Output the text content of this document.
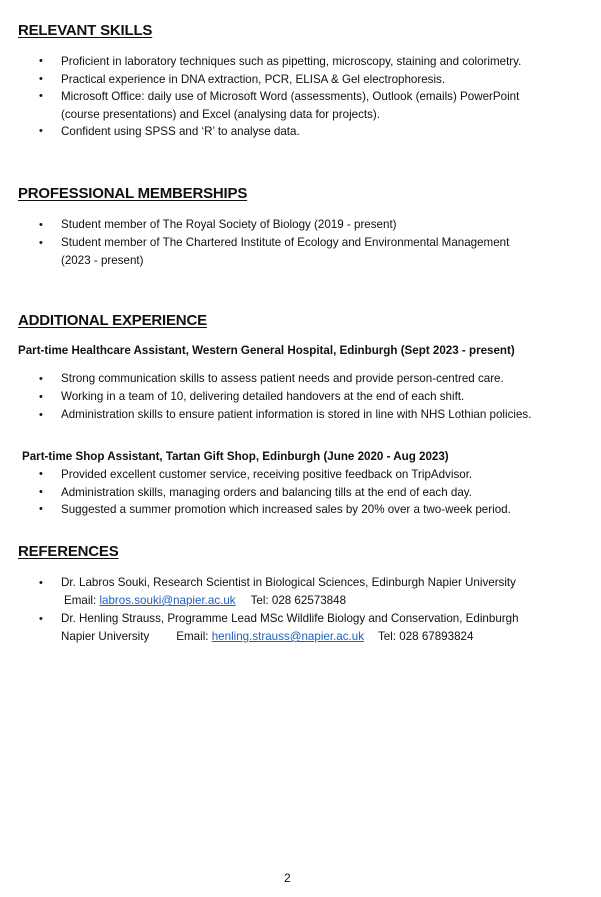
RELEVANT SKILLS
• Proficient in laboratory techniques such as pipetting, microscopy, staining and colorimetry.
• Practical experience in DNA extraction, PCR, ELISA & Gel electrophoresis.
• Microsoft Office: daily use of Microsoft Word (assessments), Outlook (emails) PowerPoint (course presentations) and Excel (analysing data for projects).
• Confident using SPSS and ‘R’ to analyse data.
PROFESSIONAL MEMBERSHIPS
• Student member of The Royal Society of Biology (2019 - present)
• Student member of The Chartered Institute of Ecology and Environmental Management (2023 - present)
ADDITIONAL EXPERIENCE

Part-time Healthcare Assistant, Western General Hospital, Edinburgh (Sept 2023 - present)

• Strong communication skills to assess patient needs and provide person-centred care.
• Working in a team of 10, delivering detailed handovers at the end of each shift.
• Administration skills to ensure patient information is stored in line with NHS Lothian policies.

Part-time Shop Assistant, Tartan Gift Shop, Edinburgh (June 2020 - Aug 2023)

• Provided excellent customer service, receiving positive feedback on TripAdvisor.
• Administration skills, managing orders and balancing tills at the end of each day.
• Suggested a summer promotion which increased sales by 20% over a two-week period.
REFERENCES
• Dr. Labros Souki, Research Scientist in Biological Sciences, Edinburgh Napier University
Email: labros.souki@napier.ac.uk Tel: 028 62573848
• Dr. Henling Strauss, Programme Lead MSc Wildlife Biology and Conservation, Edinburgh
Napier University Email: henling.strauss@napier.ac.uk Tel: 028 67893824
2
